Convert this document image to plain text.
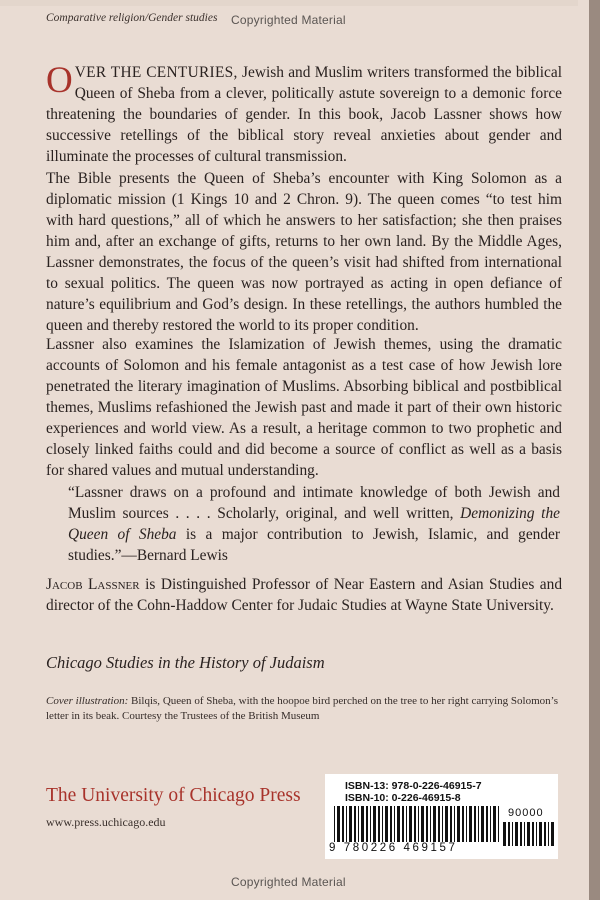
Comparative religion/Gender studies Copyrighted Material

OVER THE CENTURIES, Jewish and Muslim writers transformed the biblical Queen of Sheba from a clever, politically astute sovereign to a demonic force threatening the boundaries of gender. In this book, Jacob Lassner shows how successive retellings of the biblical story reveal anxieties about gender and illuminate the processes of cultural transmission.

The Bible presents the Queen of Sheba’s encounter with King Solomon as a diplomatic mission (1 Kings 10 and 2 Chron. 9). The queen comes “to test him with hard questions,” all of which he answers to her satisfaction; she then praises him and, after an exchange of gifts, returns to her own land. By the Middle Ages, Lassner demonstrates, the focus of the queen’s visit had shifted from international to sexual politics. The queen was now portrayed as acting in open defiance of nature’s equilibrium and God’s design. In these retellings, the authors humbled the queen and thereby restored the world to its proper condition.

Lassner also examines the Islamization of Jewish themes, using the dramatic accounts of Solomon and his female antagonist as a test case of how Jewish lore penetrated the literary imagination of Muslims. Absorbing biblical and postbiblical themes, Muslims refashioned the Jewish past and made it part of their own historic experiences and world view. As a result, a heritage common to two prophetic and closely linked faiths could and did become a source of conflict as well as a basis for shared values and mutual understanding.

“Lassner draws on a profound and intimate knowledge of both Jewish and Muslim sources . . . . Scholarly, original, and well written, Demonizing the Queen of Sheba is a major contribution to Jewish, Islamic, and gender studies.”—Bernard Lewis
Jacob Lassner is Distinguished Professor of Near Eastern and Asian Studies and director of the Cohn-Haddow Center for Judaic Studies at Wayne State University.
Chicago Studies in the History of Judaism
Cover illustration: Bilqis, Queen of Sheba, with the hoopoe bird perched on the tree to her right carrying Solomon’s letter in its beak. Courtesy the Trustees of the British Museum
The University of Chicago Press
www.press.uchicago.edu
ISBN-13: 978-0-226-46915-7
ISBN-10: 0-226-46915-8
90000
9 780226 469157
Copyrighted Material
